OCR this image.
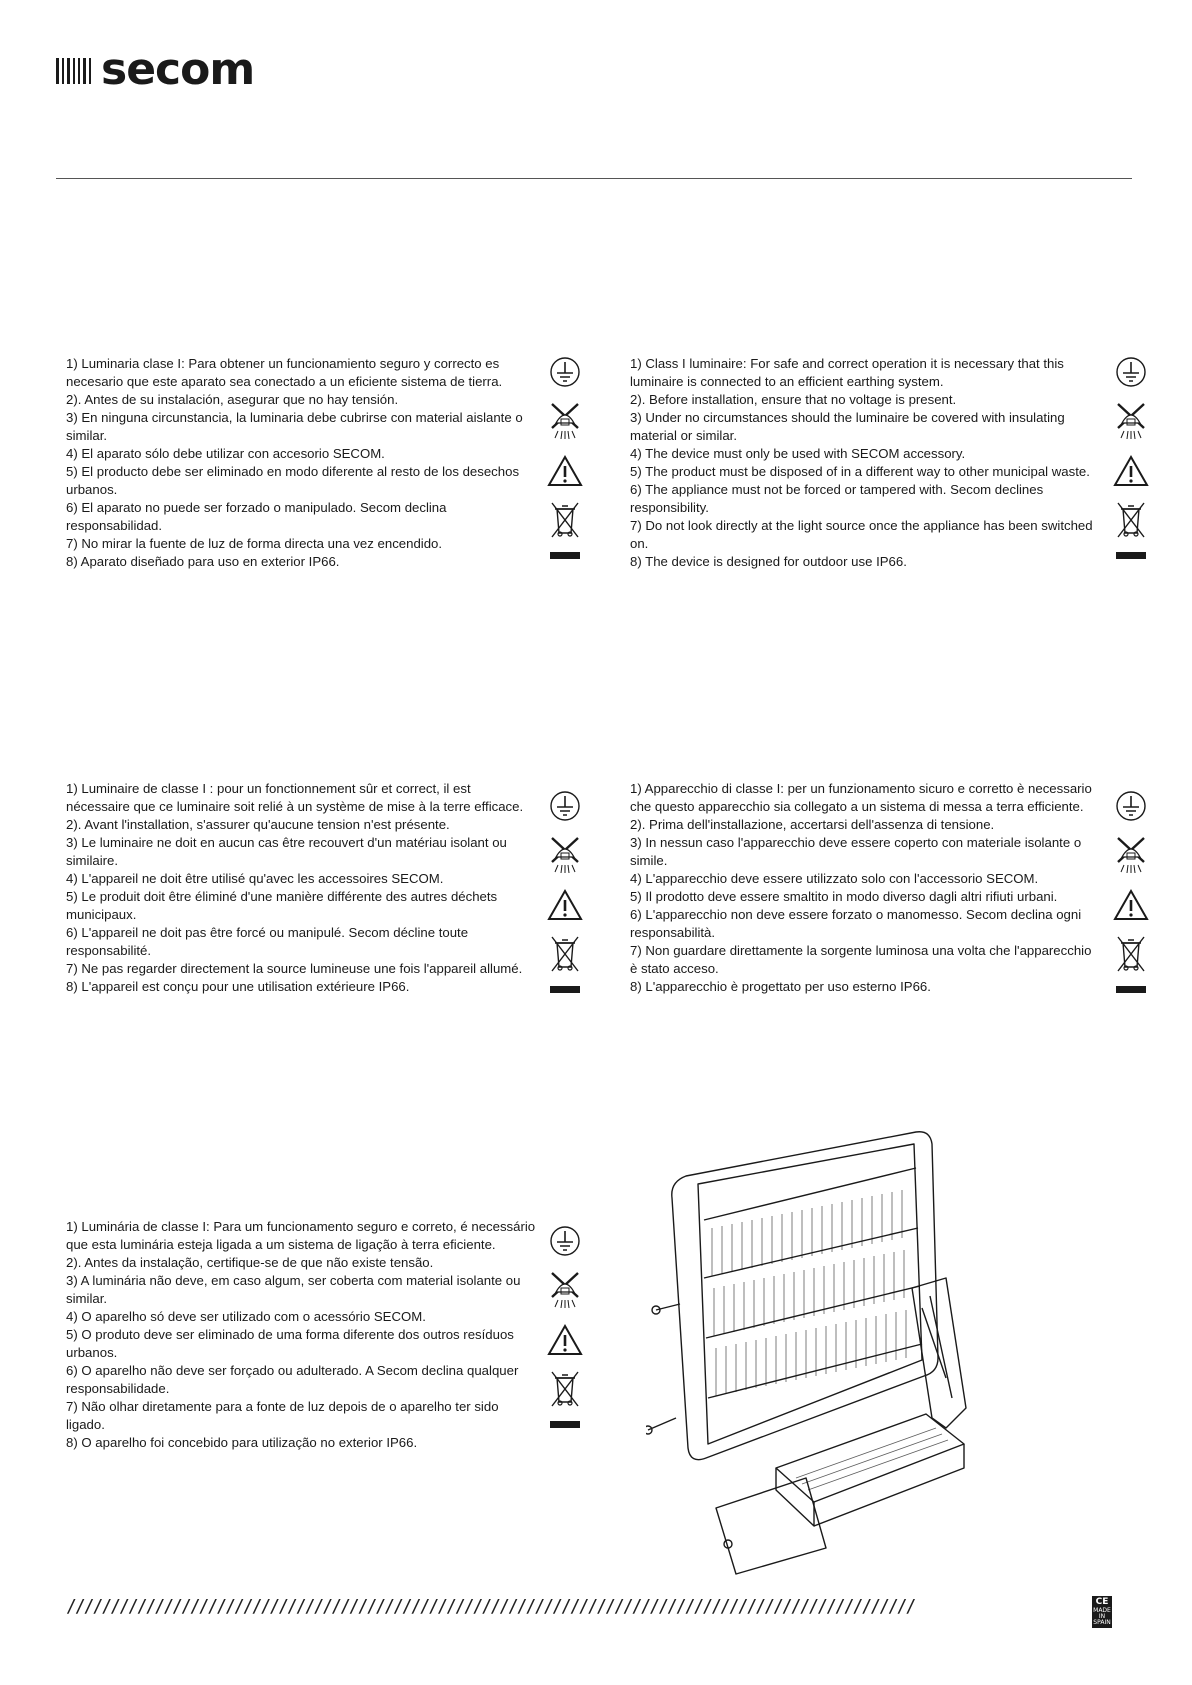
secom

1) Luminaria clase I: Para obtener un funcionamiento seguro y correcto es necesario que este aparato sea conectado a un eficiente sistema de tierra.

2). Antes de su instalación, asegurar que no hay tensión.

3) En ninguna circunstancia, la luminaria debe cubrirse con material aislante o similar.

4) El aparato sólo debe utilizar con accesorio SECOM.

5) El producto debe ser eliminado en modo diferente al resto de los desechos urbanos.

6) El aparato no puede ser forzado o manipulado. Secom declina responsabilidad.

7) No mirar la fuente de luz de forma directa una vez encendido.

8) Aparato diseñado para uso en exterior IP66.

1) Class I luminaire: For safe and correct operation it is necessary that this luminaire is connected to an efficient earthing system.

2). Before installation, ensure that no voltage is present.

3) Under no circumstances should the luminaire be covered with insulating material or similar.

4) The device must only be used with SECOM accessory.

5) The product must be disposed of in a different way to other municipal waste.

6) The appliance must not be forced or tampered with. Secom declines responsibility.

7) Do not look directly at the light source once the appliance has been switched on.

8) The device is designed for outdoor use IP66.

1) Luminaire de classe I : pour un fonctionnement sûr et correct, il est nécessaire que ce luminaire soit relié à un système de mise à la terre efficace.

2). Avant l'installation, s'assurer qu'aucune tension n'est présente.

3) Le luminaire ne doit en aucun cas être recouvert d'un matériau isolant ou similaire.

4) L'appareil ne doit être utilisé qu'avec les accessoires SECOM.

5) Le produit doit être éliminé d'une manière différente des autres déchets municipaux.

6) L'appareil ne doit pas être forcé ou manipulé. Secom décline toute responsabilité.

7) Ne pas regarder directement la source lumineuse une fois l'appareil allumé.

8) L'appareil est conçu pour une utilisation extérieure IP66.

1) Apparecchio di classe I: per un funzionamento sicuro e corretto è necessario che questo apparecchio sia collegato a un sistema di messa a terra efficiente.

2). Prima dell'installazione, accertarsi dell'assenza di tensione.

3) In nessun caso l'apparecchio deve essere coperto con materiale isolante o simile.

4) L'apparecchio deve essere utilizzato solo con l'accessorio SECOM.

5) Il prodotto deve essere smaltito in modo diverso dagli altri rifiuti urbani.

6) L'apparecchio non deve essere forzato o manomesso. Secom declina ogni responsabilità.

7) Non guardare direttamente la sorgente luminosa una volta che l'apparecchio è stato acceso.

8) L'apparecchio è progettato per uso esterno IP66.

1) Luminária de classe I: Para um funcionamento seguro e correto, é necessário que esta luminária esteja ligada a um sistema de ligação à terra eficiente.

2). Antes da instalação, certifique-se de que não existe tensão.

3) A luminária não deve, em caso algum, ser coberta com material isolante ou similar.

4) O aparelho só deve ser utilizado com o acessório SECOM.

5) O produto deve ser eliminado de uma forma diferente dos outros resíduos urbanos.

6) O aparelho não deve ser forçado ou adulterado. A Secom declina qualquer responsabilidade.

7) Não olhar diretamente para a fonte de luz depois de o aparelho ter sido ligado.

8) O aparelho foi concebido para utilização no exterior IP66.

////////////////////////////////////////////////////////////////////////////////////////////////	CE
MADE IN SPAIN
